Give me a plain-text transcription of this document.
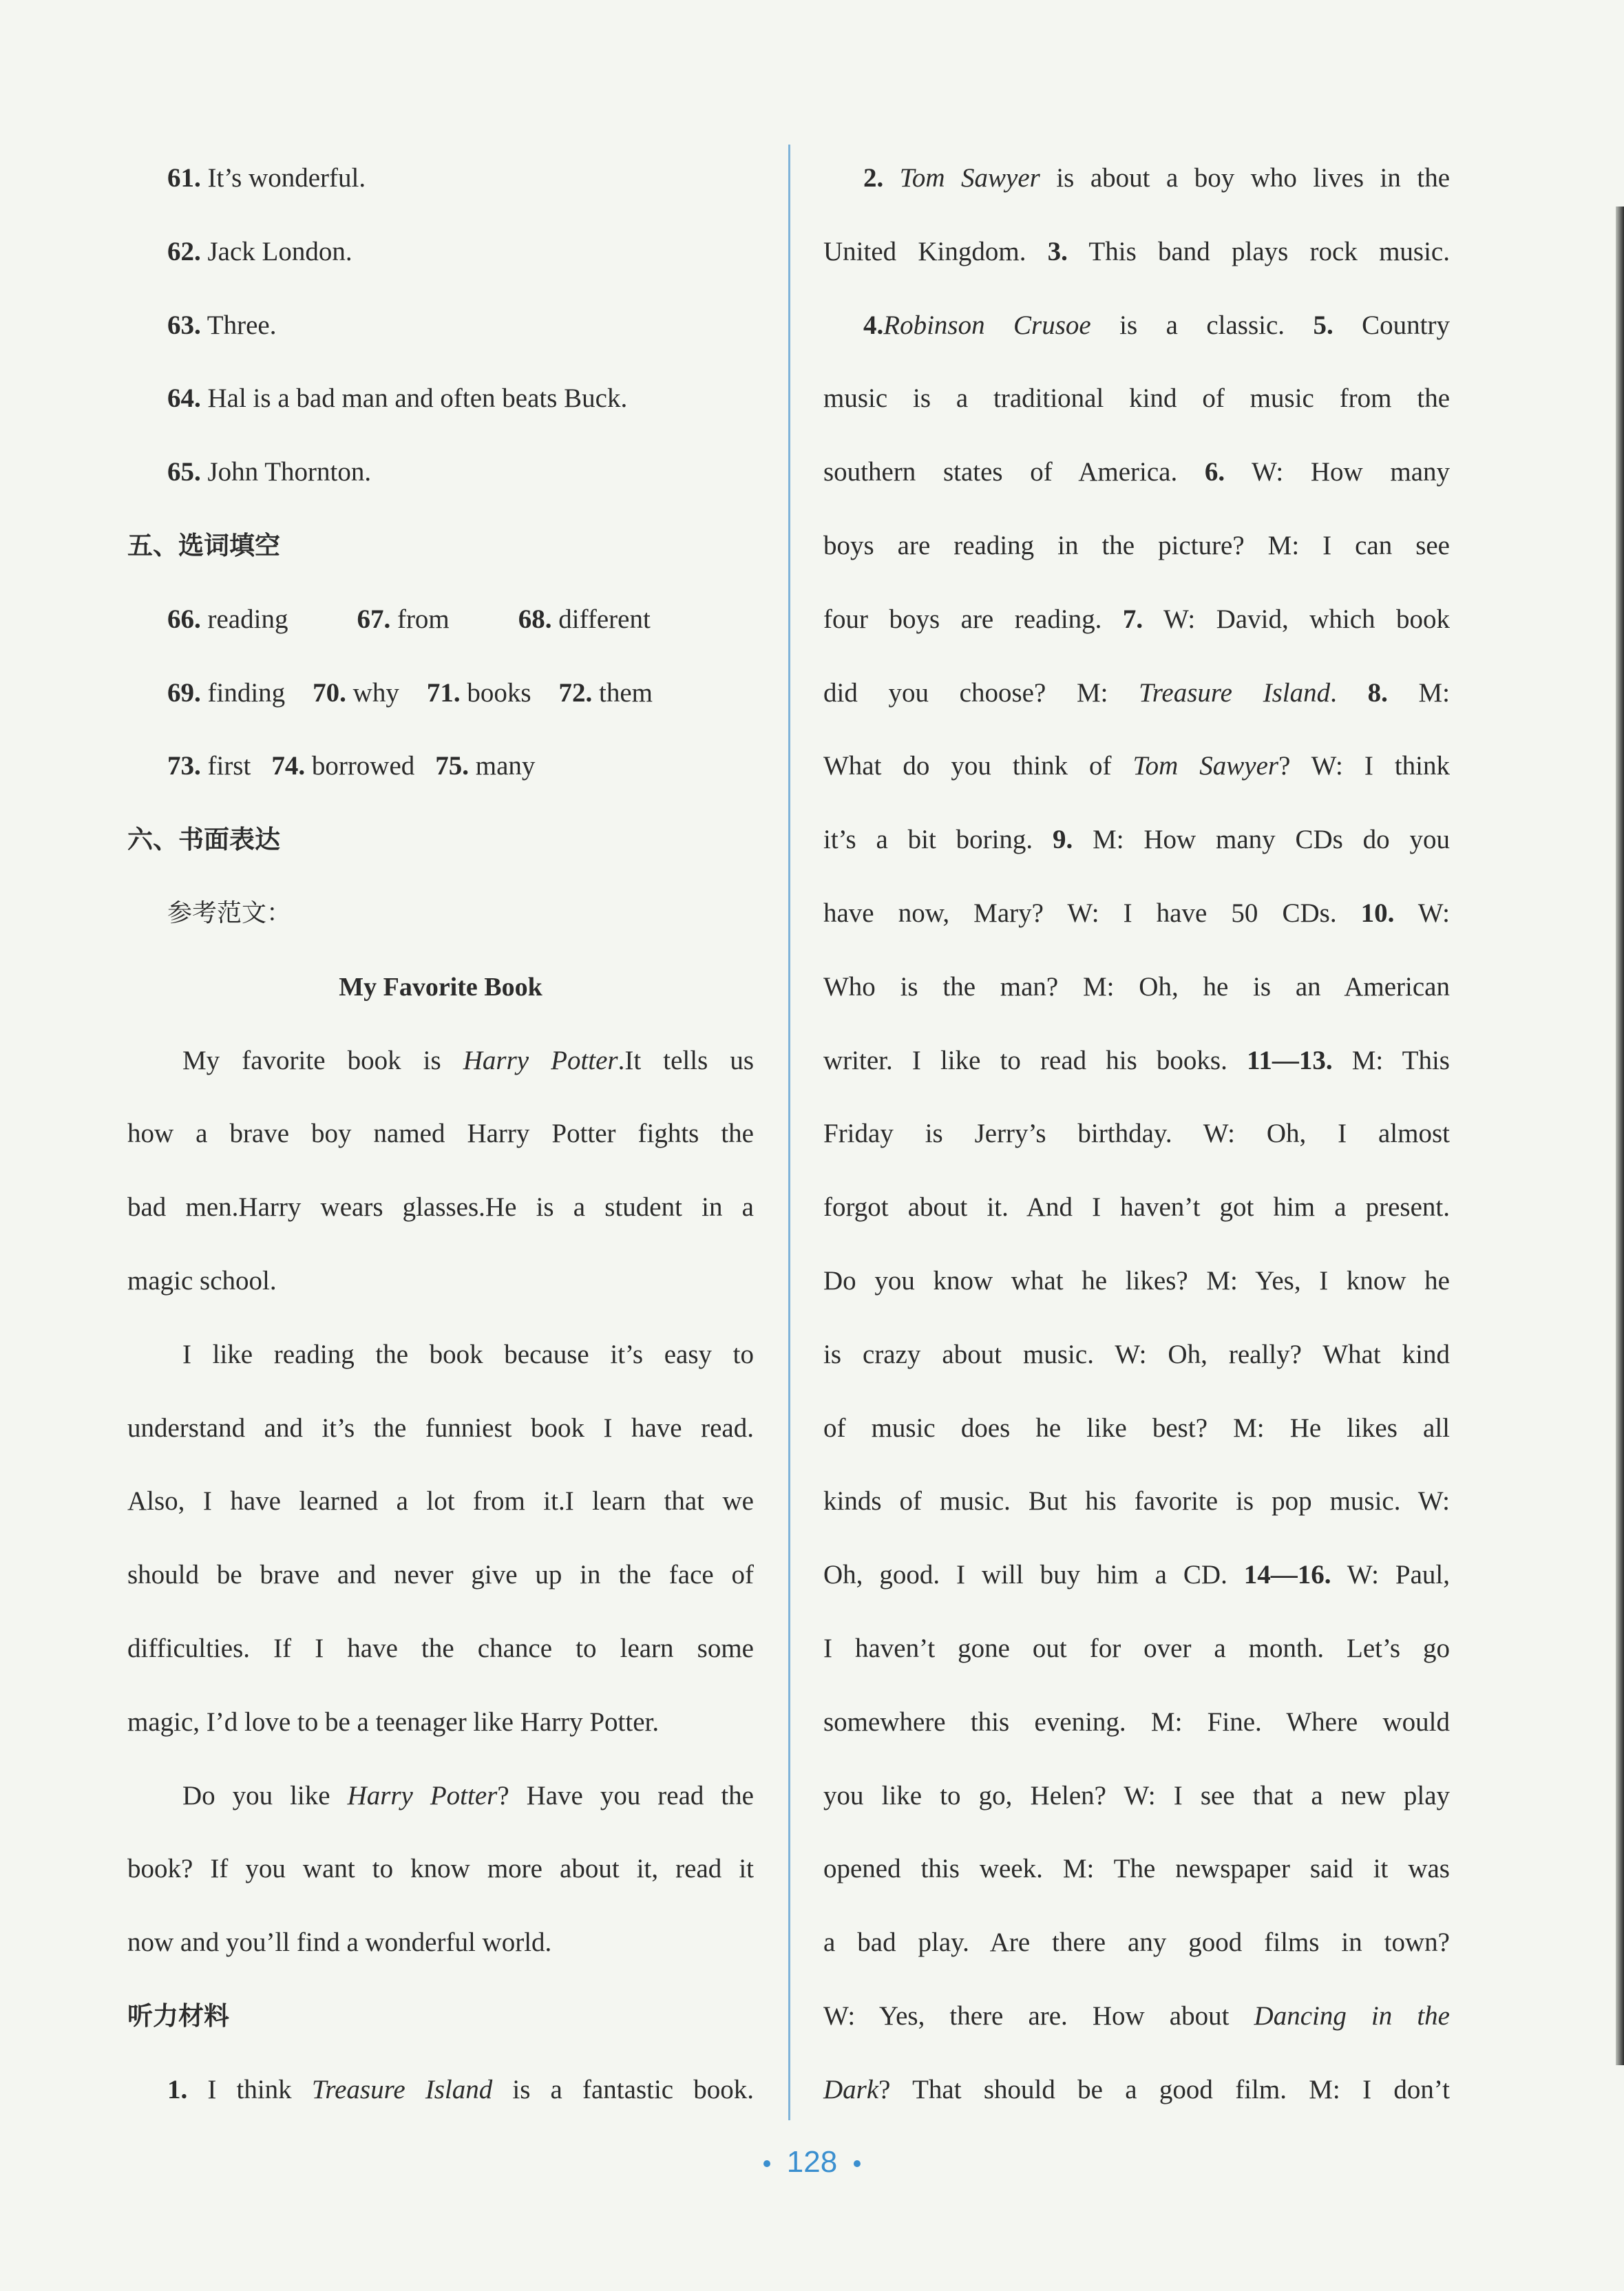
61. It’s wonderful.
62. Jack London.
63. Three.
64. Hal is a bad man and often beats Buck.
65. John Thornton.
五、选词填空
66. reading	67. from	68. different
69. finding 70. why 71. books 72. them
73. first 74. borrowed 75. many
六、书面表达
参考范文：
My Favorite Book
My favorite book is Harry Potter.It tells us
how a brave boy named Harry Potter fights the
bad men.Harry wears glasses.He is a student in a
magic school.
I like reading the book because it’s easy to
understand and it’s the funniest book I have read.
Also, I have learned a lot from it.I learn that we
should be brave and never give up in the face of
difficulties. If I have the chance to learn some
magic, I’d love to be a teenager like Harry Potter.
Do you like Harry Potter? Have you read the
book? If you want to know more about it, read it
now and you’ll find a wonderful world.
听力材料
1. I think Treasure Island is a fantastic book.
2. Tom Sawyer is about a boy who lives in the
United Kingdom. 3. This band plays rock music.
4.Robinson Crusoe is a classic. 5. Country
music is a traditional kind of music from the
southern states of America. 6. W: How many
boys are reading in the picture? M: I can see
four boys are reading. 7. W: David, which book
did you choose? M: Treasure Island. 8. M:
What do you think of Tom Sawyer? W: I think
it’s a bit boring. 9. M: How many CDs do you
have now, Mary? W: I have 50 CDs. 10. W:
Who is the man? M: Oh, he is an American
writer. I like to read his books. 11—13. M: This
Friday is Jerry’s birthday. W: Oh, I almost
forgot about it. And I haven’t got him a present.
Do you know what he likes? M: Yes, I know he
is crazy about music. W: Oh, really? What kind
of music does he like best? M: He likes all
kinds of music. But his favorite is pop music. W:
Oh, good. I will buy him a CD. 14—16. W: Paul,
I haven’t gone out for over a month. Let’s go
somewhere this evening. M: Fine. Where would
you like to go, Helen? W: I see that a new play
opened this week. M: The newspaper said it was
a bad play. Are there any good films in town?
W: Yes, there are. How about Dancing in the
Dark? That should be a good film. M: I don’t
128
